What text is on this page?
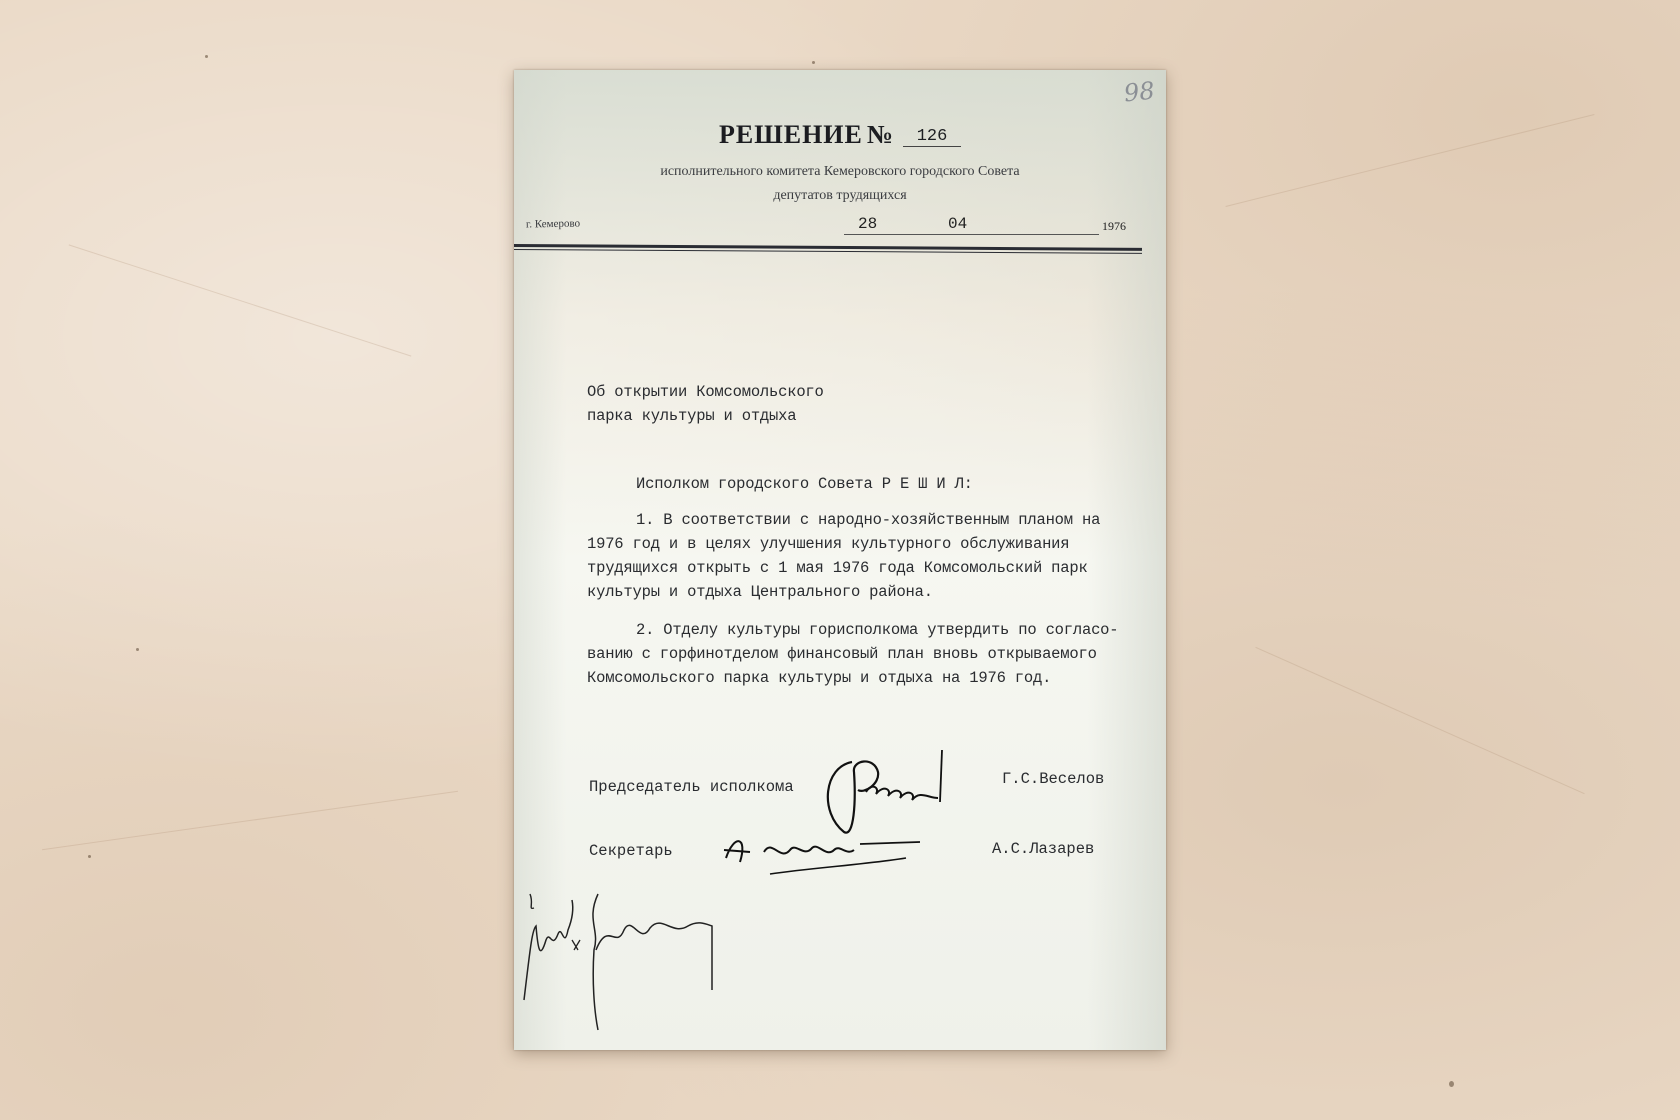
98
РЕШЕНИЕ № 126
исполнительного комитета Кемеровского городского Совета
депутатов трудящихся
г. Кемерово	28	04	1976
Об открытии Комсомольского
парка культуры и отдыха
Исполком городского Совета Р Е Ш И Л:
1. В соответствии с народно-хозяйственным планом на
1976 год и в целях улучшения культурного обслуживания
трудящихся открыть с 1 мая 1976 года Комсомольский парк
культуры и отдыха Центрального района.
2. Отделу культуры горисполкома утвердить по согласо-
ванию с горфинотделом финансовый план вновь открываемого
Комсомольского парка культуры и отдыха на 1976 год.
Председатель исполкома	Г.С.Веселов
Секретарь	А.С.Лазарев
